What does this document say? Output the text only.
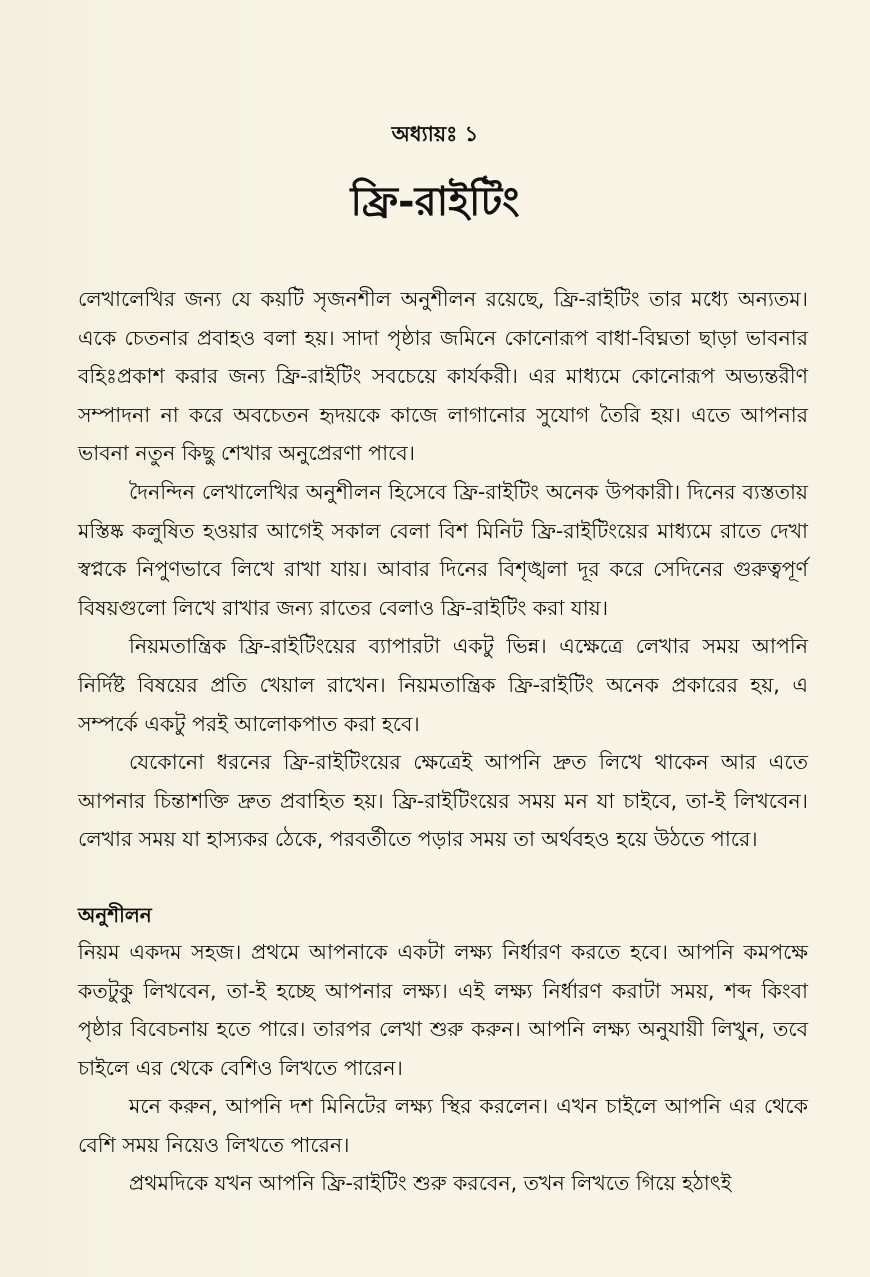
অধ্যায়ঃ ১
ফ্রি-রাইটিং

লেখালেখির জন্য যে কয়টি সৃজনশীল অনুশীলন রয়েছে, ফ্রি-রাইটিং তার মধ্যে অন্যতম। একে চেতনার প্রবাহও বলা হয়। সাদা পৃষ্ঠার জমিনে কোনোরূপ বাধা-বিঘ্নতা ছাড়া ভাবনার বহিঃপ্রকাশ করার জন্য ফ্রি-রাইটিং সবচেয়ে কার্যকরী। এর মাধ্যমে কোনোরূপ অভ্যন্তরীণ সম্পাদনা না করে অবচেতন হৃদয়কে কাজে লাগানোর সুযোগ তৈরি হয়। এতে আপনার ভাবনা নতুন কিছু শেখার অনুপ্রেরণা পাবে।

দৈনন্দিন লেখালেখির অনুশীলন হিসেবে ফ্রি-রাইটিং অনেক উপকারী। দিনের ব্যস্ততায় মস্তিষ্ক কলুষিত হওয়ার আগেই সকাল বেলা বিশ মিনিট ফ্রি-রাইটিংয়ের মাধ্যমে রাতে দেখা স্বপ্নকে নিপুণভাবে লিখে রাখা যায়। আবার দিনের বিশৃঙ্খলা দূর করে সেদিনের গুরুত্বপূর্ণ বিষয়গুলো লিখে রাখার জন্য রাতের বেলাও ফ্রি-রাইটিং করা যায়।

নিয়মতান্ত্রিক ফ্রি-রাইটিংয়ের ব্যাপারটা একটু ভিন্ন। এক্ষেত্রে লেখার সময় আপনি নির্দিষ্ট বিষয়ের প্রতি খেয়াল রাখেন। নিয়মতান্ত্রিক ফ্রি-রাইটিং অনেক প্রকারের হয়, এ সম্পর্কে একটু পরই আলোকপাত করা হবে।

যেকোনো ধরনের ফ্রি-রাইটিংয়ের ক্ষেত্রেই আপনি দ্রুত লিখে থাকেন আর এতে আপনার চিন্তাশক্তি দ্রুত প্রবাহিত হয়। ফ্রি-রাইটিংয়ের সময় মন যা চাইবে, তা-ই লিখবেন। লেখার সময় যা হাস্যকর ঠেকে, পরবর্তীতে পড়ার সময় তা অর্থবহও হয়ে উঠতে পারে।

অনুশীলন

নিয়ম একদম সহজ। প্রথমে আপনাকে একটা লক্ষ্য নির্ধারণ করতে হবে। আপনি কমপক্ষে কতটুকু লিখবেন, তা-ই হচ্ছে আপনার লক্ষ্য। এই লক্ষ্য নির্ধারণ করাটা সময়, শব্দ কিংবা পৃষ্ঠার বিবেচনায় হতে পারে। তারপর লেখা শুরু করুন। আপনি লক্ষ্য অনুযায়ী লিখুন, তবে চাইলে এর থেকে বেশিও লিখতে পারেন।

মনে করুন, আপনি দশ মিনিটের লক্ষ্য স্থির করলেন। এখন চাইলে আপনি এর থেকে বেশি সময় নিয়েও লিখতে পারেন।

প্রথমদিকে যখন আপনি ফ্রি-রাইটিং শুরু করবেন, তখন লিখতে গিয়ে হঠাৎই
